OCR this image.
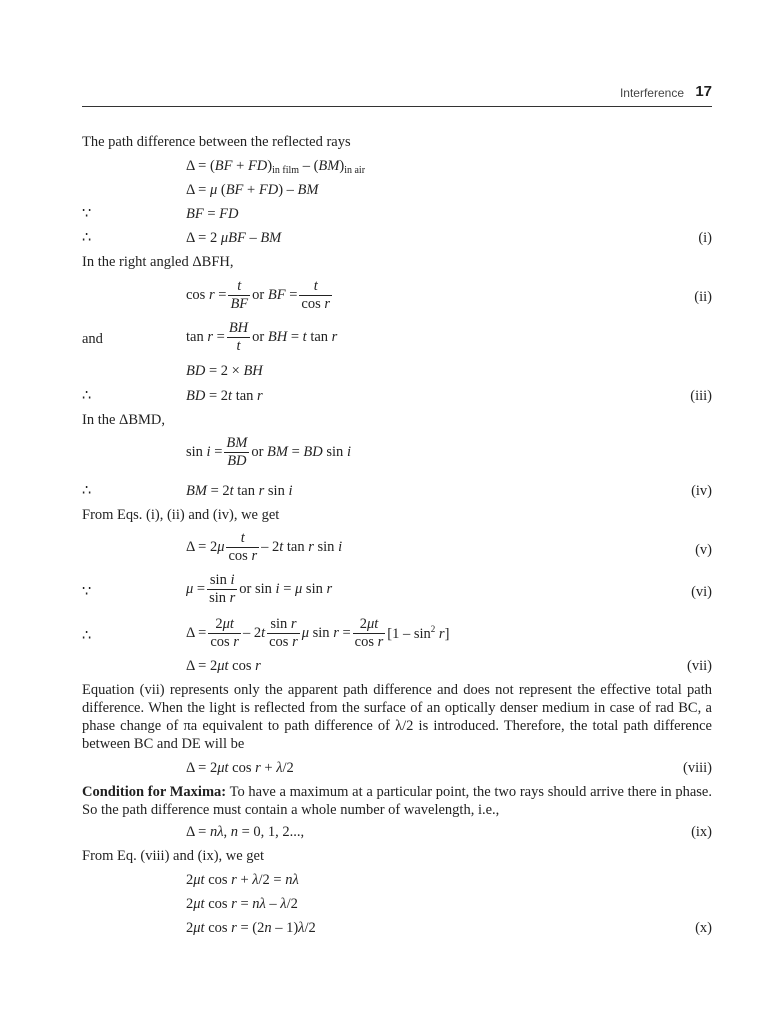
Interference 17
The path difference between the reflected rays
$\Delta = (BF + FD)_{in film} - (BM)_{in air}$
Δ = μ (BF + FD) – BM
∵	BF = FD
∴	Δ = 2 μBF – BM	(i)
In the right angled ΔBFH,
$\cos r = \frac{t}{BF}$ or BF = $\frac{t}{\text{cos r}}$	(ii)
and	$\tan r = \frac{BH}{t}$ or BH = t tan r
BD = 2 × BH
∴	BD = 2t tan r	(iii)
In the ΔBMD,
$\sin i = \frac{BM}{BD}$ or BM = BD sin i
∴	BM = 2t tan r sin i	(iv)
From Eqs. (i), (ii) and (iv), we get
$\Delta = 2\mu \frac{t}{\text{cos r}} - 2t$ tan r sin i	(v)
∵	$\mu = \frac{\text{sin i}}{\text{sin r}}$ or sin i = μ sin r	(vi)
∴	$\Delta = \frac{2\mu t}{\text{cos r}} - 2t \frac{\text{sin r}}{\text{cos r}}$ μ $\sin r = \frac{2\mu t}{\text{cos r}} [1 - \sin^2 r]$
Δ = 2μt cos r	(vii)
Equation (vii) represents only the apparent path difference and does not represent the effective total path difference. When the light is reflected from the surface of an optically denser medium in case of rad BC, a phase change of πa equivalent to path difference of λ/2 is introduced. Therefore, the total path difference between BC and DE will be
Δ = 2μt cos r + λ/2	(viii)
Condition for Maxima: To have a maximum at a particular point, the two rays should arrive there in phase. So the path difference must contain a whole number of wavelength, i.e.,
Δ = nλ, n = 0, 1, 2...,	(ix)
From Eq. (viii) and (ix), we get
2μt cos r + λ/2 = nλ
2μt cos r = nλ – λ/2
2μt cos r = (2n – 1)λ/2	(x)
